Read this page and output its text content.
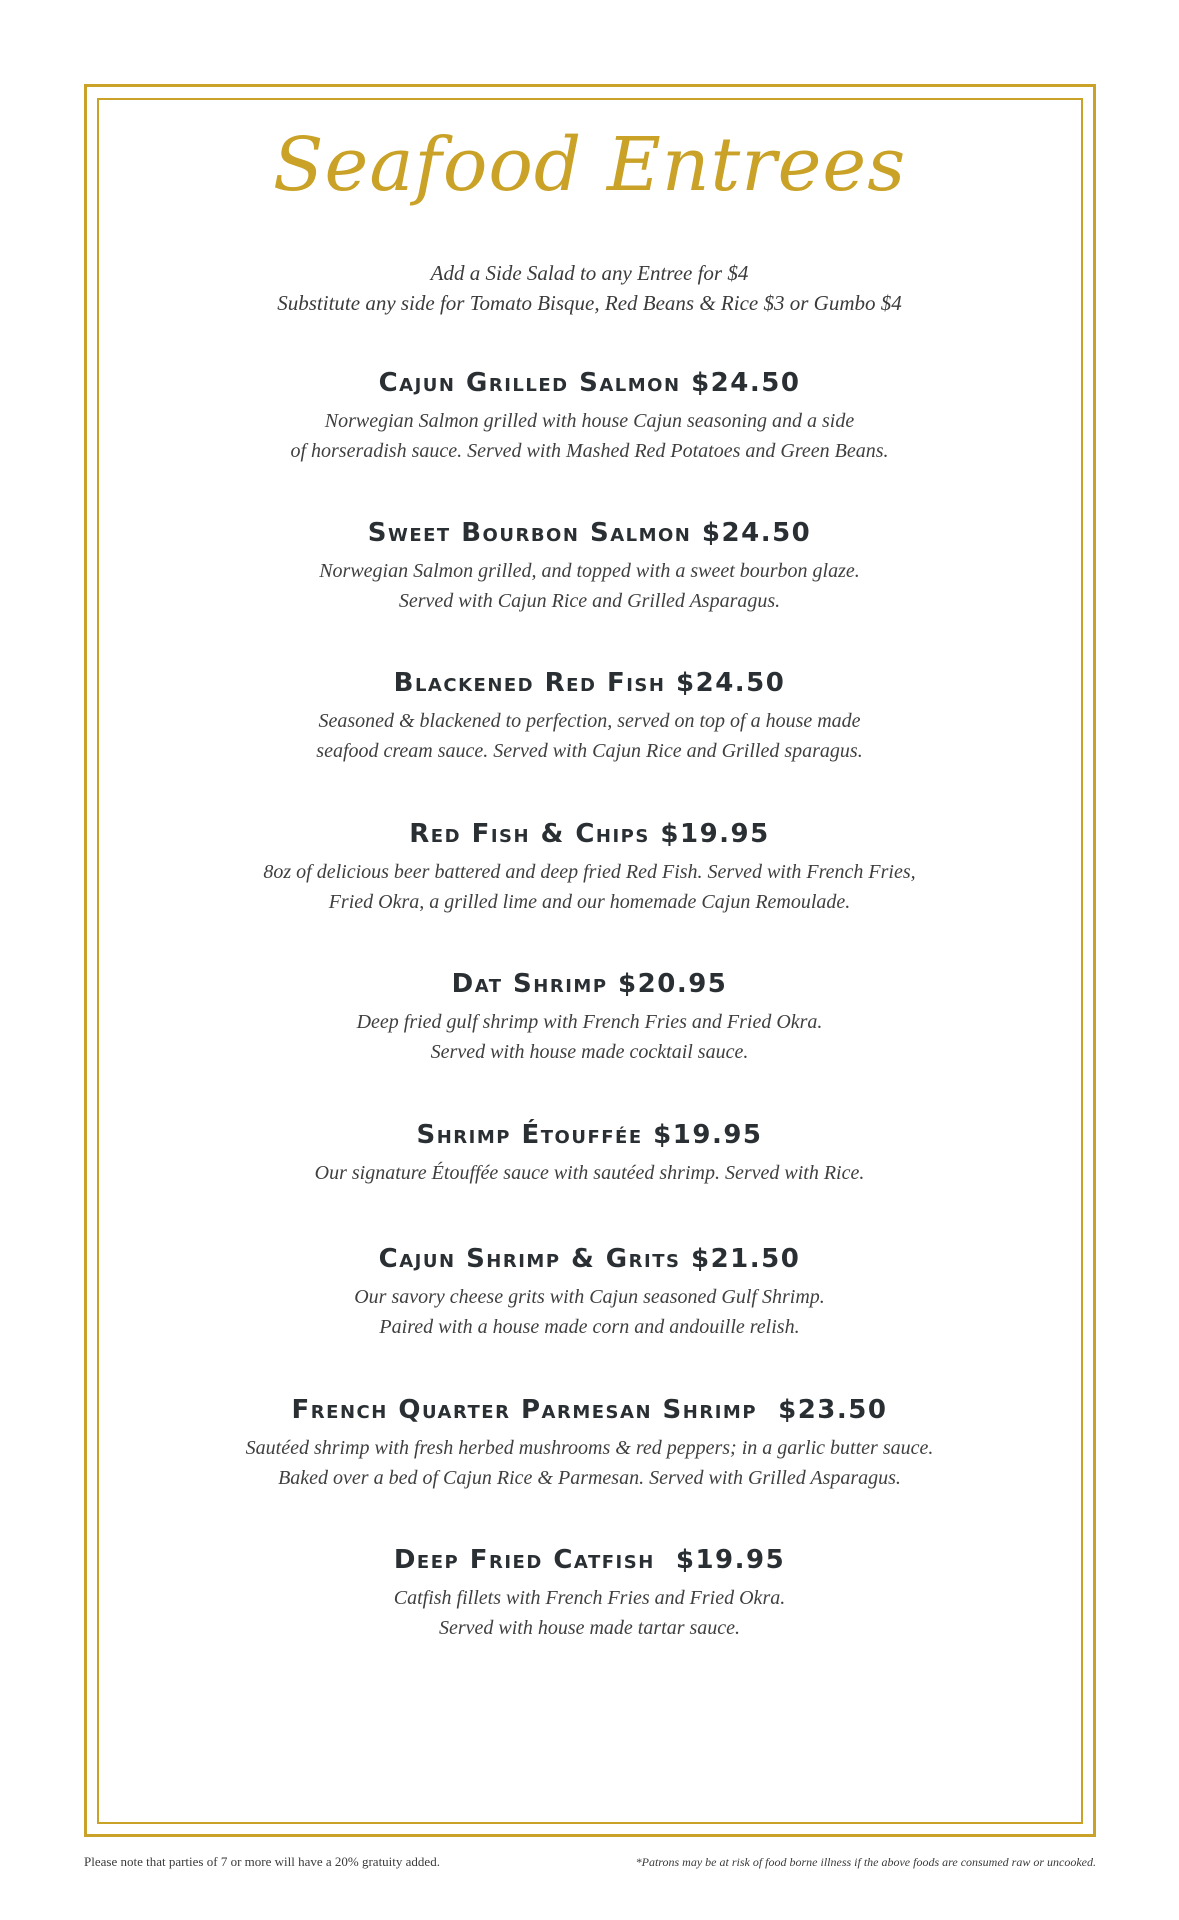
Seafood Entrees
Add a Side Salad to any Entree for $4
Substitute any side for Tomato Bisque, Red Beans & Rice $3 or Gumbo $4
Cajun Grilled Salmon $24.50
Norwegian Salmon grilled with house Cajun seasoning and a side
of horseradish sauce. Served with Mashed Red Potatoes and Green Beans.
Sweet Bourbon Salmon $24.50
Norwegian Salmon grilled, and topped with a sweet bourbon glaze.
Served with Cajun Rice and Grilled Asparagus.
Blackened Red Fish $24.50
Seasoned & blackened to perfection, served on top of a house made
seafood cream sauce. Served with Cajun Rice and Grilled sparagus.
Red Fish & Chips $19.95
8oz of delicious beer battered and deep fried Red Fish. Served with French Fries,
Fried Okra, a grilled lime and our homemade Cajun Remoulade.
Dat Shrimp $20.95
Deep fried gulf shrimp with French Fries and Fried Okra.
Served with house made cocktail sauce.
Shrimp Étouffée $19.95
Our signature Étouffée sauce with sautéed shrimp. Served with Rice.
Cajun Shrimp & Grits $21.50
Our savory cheese grits with Cajun seasoned Gulf Shrimp.
Paired with a house made corn and andouille relish.
French Quarter Parmesan Shrimp  $23.50
Sautéed shrimp with fresh herbed mushrooms & red peppers; in a garlic butter sauce.
Baked over a bed of Cajun Rice & Parmesan. Served with Grilled Asparagus.
Deep Fried Catfish  $19.95
Catfish fillets with French Fries and Fried Okra.
Served with house made tartar sauce.
Please note that parties of 7 or more will have a 20% gratuity added.	*Patrons may be at risk of food borne illness if the above foods are consumed raw or uncooked.
